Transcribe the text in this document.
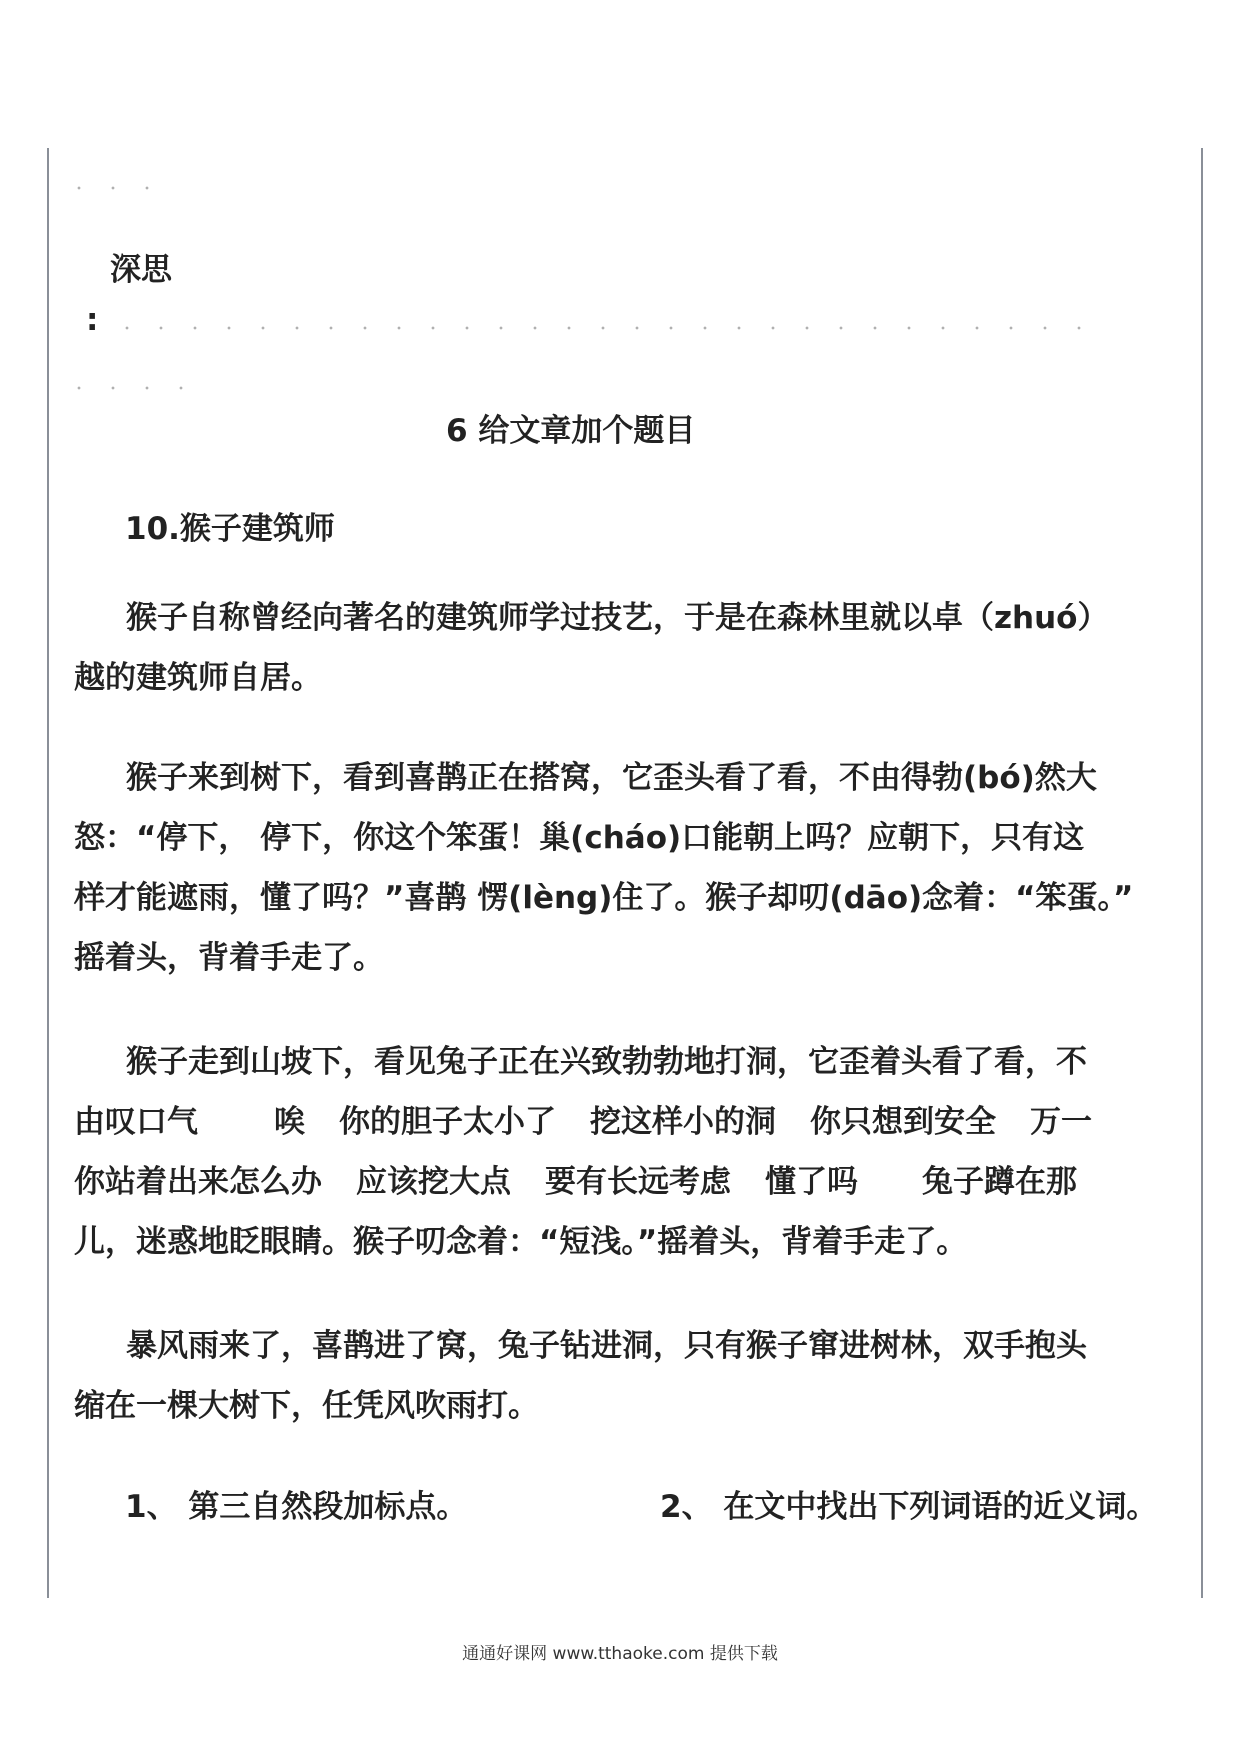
深思

:

6 给文章加个题目

10.猴子建筑师

猴子自称曾经向著名的建筑师学过技艺，于是在森林里就以卓（zhuó）
越的建筑师自居。
猴子来到树下，看到喜鹊正在搭窝，它歪头看了看，不由得勃(bó)然大
怒：“停下， 停下，你这个笨蛋！巢(cháo)口能朝上吗？应朝下，只有这
样才能遮雨，懂了吗？”喜鹊 愣(lèng)住了。猴子却叨(dāo)念着：“笨蛋。”
摇着头，背着手走了。
猴子走到山坡下，看见兔子正在兴致勃勃地打洞，它歪着头看了看，不
由叹口气 唉 你的胆子太小了 挖这样小的洞 你只想到安全 万一
你站着出来怎么办 应该挖大点 要有长远考虑 懂了吗 兔子蹲在那
儿，迷惑地眨眼睛。猴子叨念着：“短浅。”摇着头，背着手走了。
暴风雨来了，喜鹊进了窝，兔子钻进洞，只有猴子窜进树林，双手抱头
缩在一棵大树下，任凭风吹雨打。

1、 第三自然段加标点。	2、 在文中找出下列词语的近义词。

通通好课网 www.tthaoke.com 提供下载
